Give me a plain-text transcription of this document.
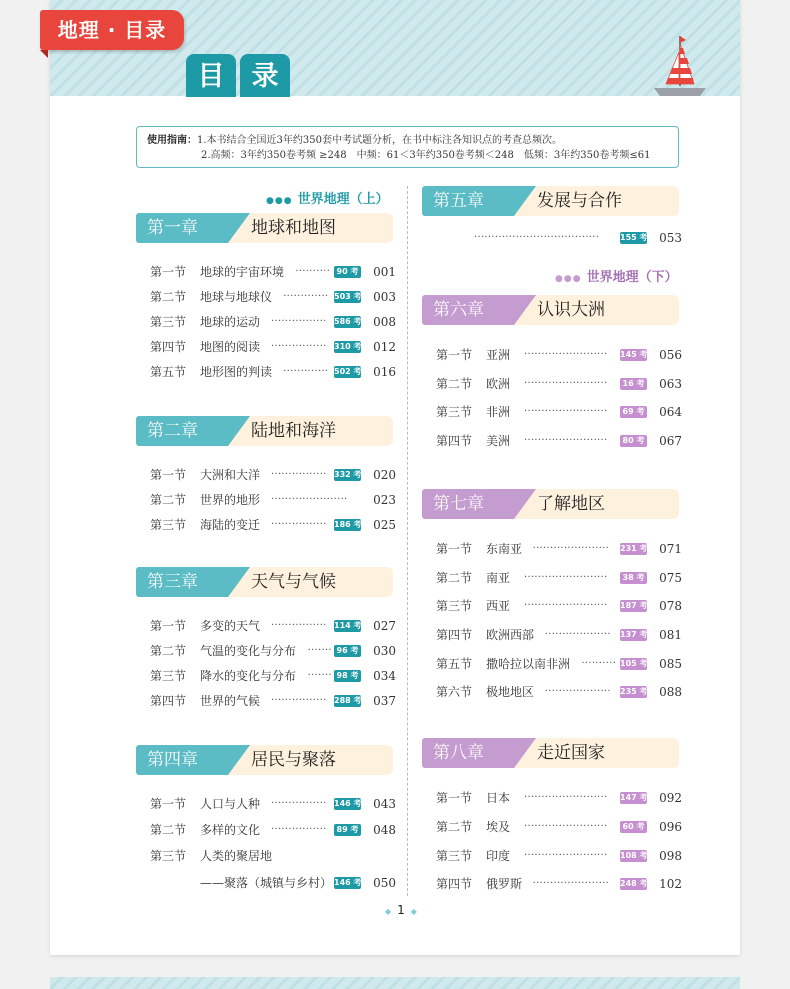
目	录
使用指南：1.本书结合全国近3年约350套中考试题分析，在书中标注各知识点的考查总频次。
2.高频：3年约350卷考频 ≥248　中频：61＜3年约350卷考频＜248　低频：3年约350卷考频≤61
●●● 世界地理（上）
●●● 世界地理（下）
第一章	地球和地图
第一节 地球的宇宙环境 ·········· 90 考 001
第二节 地球与地球仪 ············· 503 考 003
第三节 地球的运动 ················ 586 考 008
第四节 地图的阅读 ················ 310 考 012
第五节 地形图的判读 ············· 502 考 016
第二章	陆地和海洋
第一节 大洲和大洋 ················ 332 考 020
第二节 世界的地形 ······················	023
第三节 海陆的变迁 ················ 186 考 025
第三章	天气与气候
第一节 多变的天气 ················ 114 考 027
第二节 气温的变化与分布 ······· 96 考 030
第三节 降水的变化与分布 ······· 98 考 034
第四节 世界的气候 ················ 288 考 037
第四章	居民与聚落
第一节 人口与人种 ················ 146 考 043
第二节 多样的文化 ················	89 考 048
第三节 人类的聚居地
——聚落（城镇与乡村） 146 考 050
第五章	发展与合作
····································	155 考 053
第六章	认识大洲
第一节 亚洲 ························	145 考 056
第二节 欧洲 ························	16 考 063
第三节 非洲 ························	69 考 064
第四节 美洲 ························	80 考 067
第七章	了解地区
第一节 东南亚 ······················	231 考 071
第二节 南亚 ························	38 考 075
第三节 西亚 ························	187 考 078
第四节 欧洲西部 ···················	137 考 081
第五节 撒哈拉以南非洲 ·········· 105 考 085
第六节 极地地区 ···················	235 考 088
第八章	走近国家
第一节 日本 ························	147 考 092
第二节 埃及 ························	60 考 096
第三节 印度 ························	108 考 098
第四节 俄罗斯 ······················	248 考 102
◆ 1 ◆
地理 · 目录
